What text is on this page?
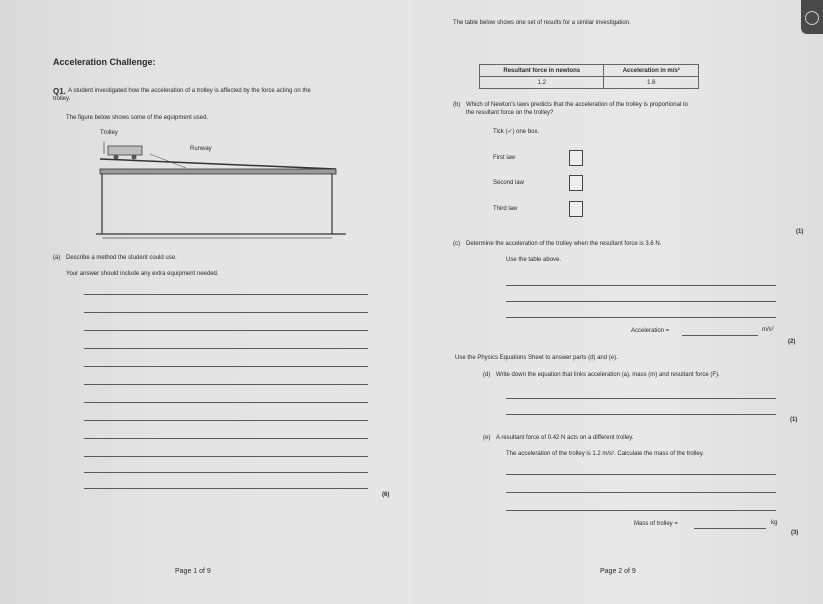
Acceleration Challenge:
Q1. A student investigated how the acceleration of a trolley is affected by the force acting on the
trolley.
The figure below shows some of the equipment used.
Trolley
Runway
(a) Describe a method the student could use.
Your answer should include any extra equipment needed.
(6)
Page 1 of 9
The table below shows one set of results for a similar investigation.
Resultant force in newtons	Acceleration in m/s²
1.2	1.6
(b) Which of Newton's laws predicts that the acceleration of the trolley is proportional to
the resultant force on the trolley?
Tick (✓) one box.
First law
Second law
Third law
(1)
(c) Determine the acceleration of the trolley when the resultant force is 3.6 N.
Use the table above.
Acceleration =	m/s²
(2)
Use the Physics Equations Sheet to answer parts (d) and (e).
(d) Write down the equation that links acceleration (a), mass (m) and resultant force (F).
(1)
(e) A resultant force of 0.42 N acts on a different trolley.
The acceleration of the trolley is 1.2 m/s². Calculate the mass of the trolley.
Mass of trolley =	kg
(3)
Page 2 of 9
